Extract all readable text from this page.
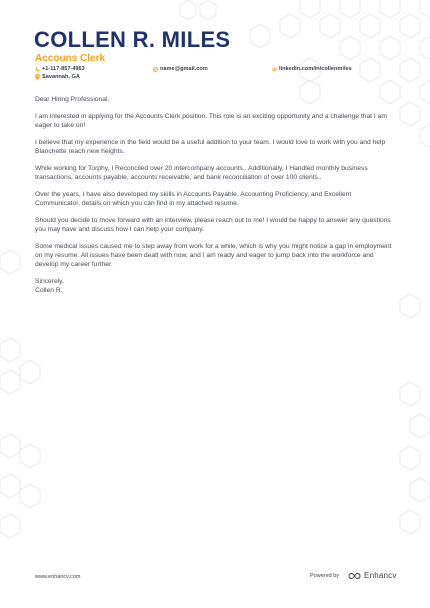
COLLEN R. MILES
Accouns Clerk
+1-117-857-4963
Savannah, GA
name@gmail.com	linkedin.com/in/collenmiles

Dear Hiring Professional,

I am interested in applying for the Accounts Clerk position. This role is an exciting opportunity and a challenge that I am eager to take on!

I believe that my experience in the field would be a useful addition to your team. I would love to work with you and help Blanchette reach new heights.

While working for Torphy, I Reconciled over 20 intercompany accounts.. Additionally, I Handled monthly business transactions, accounts payable, accounts receivable, and bank reconciliation of over 100 clients..

Over the years, I have also developed my skills in Accounts Payable, Accounting Proficiency, and Excellent Communicator, details on which you can find in my attached resume.

Should you decide to move forward with an interview, please reach out to me! I would be happy to answer any questions you may have and discuss how I can help your company.

Some medical issues caused me to step away from work for a while, which is why you might notice a gap in employment on my resume. All issues have been dealt with now, and I am ready and eager to jump back into the workforce and develop my career further.

Sincerely,

Collen R.

www.enhancv.com	Powered by	Enhancv
